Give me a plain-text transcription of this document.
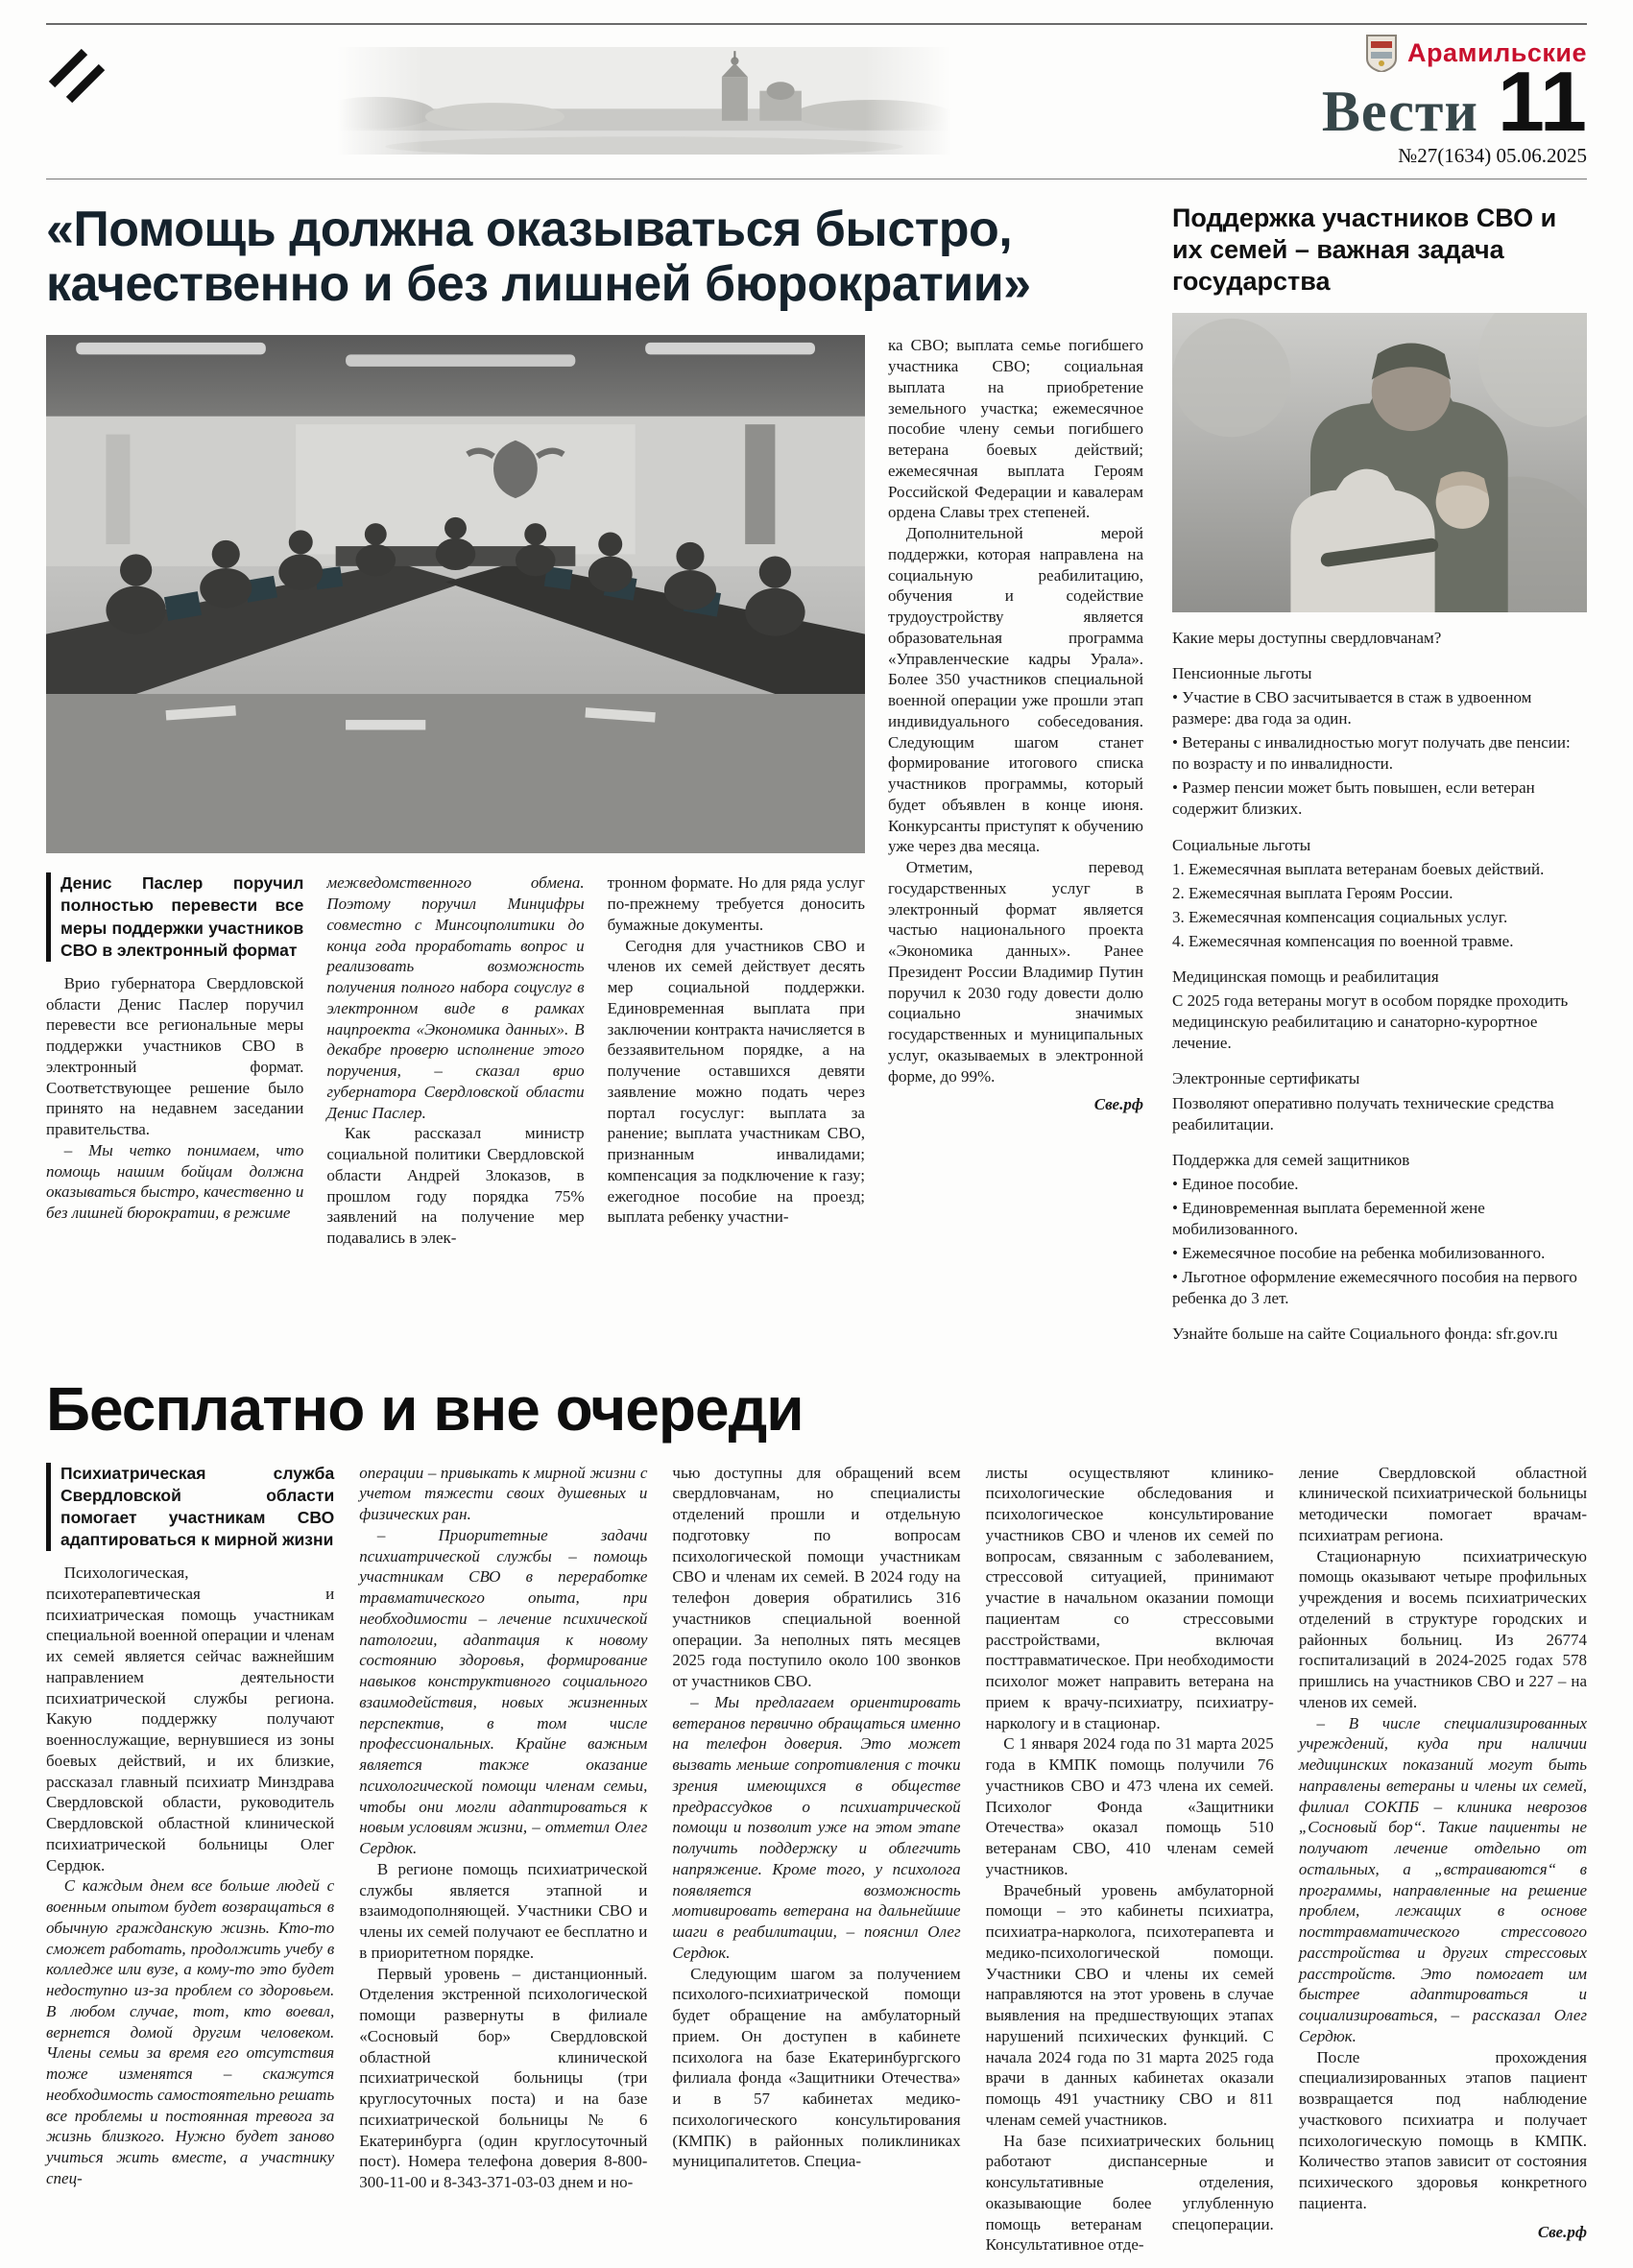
Арамильские
Вести 11
№27(1634) 05.06.2025
«Помощь должна оказываться быстро, качественно и без лишней бюрократии»

Денис Паслер поручил полностью перевести все меры поддержки участников СВО в электронный формат

Врио губернатора Свердловской области Денис Паслер поручил перевести все региональные меры поддержки участников СВО в электронный формат. Соответствующее решение было принято на недавнем заседании правительства.

– Мы четко понимаем, что помощь нашим бойцам должна оказываться быстро, качественно и без лишней бюрократии, в режиме

межведомственного обмена. Поэтому поручил Минцифры совместно с Минсоцполитики до конца года проработать вопрос и реализовать возможность получения полного набора соцуслуг в электронном виде в рамках нацпроекта «Экономика данных». В декабре проверю исполнение этого поручения, – сказал врио губернатора Свердловской области Денис Паслер.

Как рассказал министр социальной политики Свердловской области Андрей Злоказов, в прошлом году порядка 75% заявлений на получение мер подавались в элек-

тронном формате. Но для ряда услуг по-прежнему требуется доносить бумажные документы.

Сегодня для участников СВО и членов их семей действует десять мер социальной поддержки. Единовременная выплата при заключении контракта начисляется в беззаявительном порядке, а на получение оставшихся девяти заявление можно подать через портал госуслуг: выплата за ранение; выплата участникам СВО, признанным инвалидами; компенсация за подключение к газу; ежегодное пособие на проезд; выплата ребенку участни-

ка СВО; выплата семье погибшего участника СВО; социальная выплата на приобретение земельного участка; ежемесячное пособие члену семьи погибшего ветерана боевых действий; ежемесячная выплата Героям Российской Федерации и кавалерам ордена Славы трех степеней.

Дополнительной мерой поддержки, которая направлена на социальную реабилитацию, обучения и содействие трудоустройству является образовательная программа «Управленческие кадры Урала». Более 350 участников специальной военной операции уже прошли этап индивидуального собеседования. Следующим шагом станет формирование итогового списка участников программы, который будет объявлен в конце июня. Конкурсанты приступят к обучению уже через два месяца.

Отметим, перевод государственных услуг в электронный формат является частью национального проекта «Экономика данных». Ранее Президент России Владимир Путин поручил к 2030 году довести долю социально значимых государственных и муниципальных услуг, оказываемых в электронной форме, до 99%.

Све.рф

Поддержка участников СВО и их семей – важная задача государства

Какие меры доступны свердловчанам?

Пенсионные льготы

• Участие в СВО засчитывается в стаж в удвоенном размере: два года за один.

• Ветераны с инвалидностью могут получать две пенсии: по возрасту и по инвалидности.

• Размер пенсии может быть повышен, если ветеран содержит близких.

Социальные льготы

1. Ежемесячная выплата ветеранам боевых действий.

2. Ежемесячная выплата Героям России.

3. Ежемесячная компенсация социальных услуг.

4. Ежемесячная компенсация по военной травме.

Медицинская помощь и реабилитация

С 2025 года ветераны могут в особом порядке проходить медицинскую реабилитацию и санаторно-курортное лечение.

Электронные сертификаты

Позволяют оперативно получать технические средства реабилитации.

Поддержка для семей защитников

• Единое пособие.

• Единовременная выплата беременной жене мобилизованного.

• Ежемесячное пособие на ребенка мобилизованного.

• Льготное оформление ежемесячного пособия на первого ребенка до 3 лет.

Узнайте больше на сайте Социального фонда: sfr.gov.ru

Бесплатно и вне очереди

Психиатрическая служба Свердловской области помогает участникам СВО адаптироваться к мирной жизни

Психологическая, психотерапевтическая и психиатрическая помощь участникам специальной военной операции и членам их семей является сейчас важнейшим направлением деятельности психиатрической службы региона. Какую поддержку получают военнослужащие, вернувшиеся из зоны боевых действий, и их близкие, рассказал главный психиатр Минздрава Свердловской области, руководитель Свердловской областной клинической психиатрической больницы Олег Сердюк.

С каждым днем все больше людей с военным опытом будет возвращаться в обычную гражданскую жизнь. Кто-то сможет работать, продолжить учебу в колледже или вузе, а кому-то это будет недоступно из-за проблем со здоровьем. В любом случае, тот, кто воевал, вернется домой другим человеком. Члены семьи за время его отсутствия тоже изменятся – скажутся необходимость самостоятельно решать все проблемы и постоянная тревога за жизнь близкого. Нужно будет заново учиться жить вместе, а участнику спец-

операции – привыкать к мирной жизни с учетом тяжести своих душевных и физических ран.

– Приоритетные задачи психиатрической службы – помощь участникам СВО в переработке травматического опыта, при необходимости – лечение психической патологии, адаптация к новому состоянию здоровья, формирование навыков конструктивного социального взаимодействия, новых жизненных перспектив, в том числе профессиональных. Крайне важным является также оказание психологической помощи членам семьи, чтобы они могли адаптироваться к новым условиям жизни, – отметил Олег Сердюк.

В регионе помощь психиатрической службы является этапной и взаимодополняющей. Участники СВО и члены их семей получают ее бесплатно и в приоритетном порядке.

Первый уровень – дистанционный. Отделения экстренной психологической помощи развернуты в филиале «Сосновый бор» Свердловской областной клинической психиатрической больницы (три круглосуточных поста) и на базе психиатрической больницы № 6 Екатеринбурга (один круглосуточный пост). Номера телефона доверия 8-800-300-11-00 и 8-343-371-03-03 днем и но-

чью доступны для обращений всем свердловчанам, но специалисты отделений прошли и отдельную подготовку по вопросам психологической помощи участникам СВО и членам их семей. В 2024 году на телефон доверия обратились 316 участников специальной военной операции. За неполных пять месяцев 2025 года поступило около 100 звонков от участников СВО.

– Мы предлагаем ориентировать ветеранов первично обращаться именно на телефон доверия. Это может вызвать меньше сопротивления с точки зрения имеющихся в обществе предрассудков о психиатрической помощи и позволит уже на этом этапе получить поддержку и облегчить напряжение. Кроме того, у психолога появляется возможность мотивировать ветерана на дальнейшие шаги в реабилитации, – пояснил Олег Сердюк.

Следующим шагом за получением психолого-психиатрической помощи будет обращение на амбулаторный прием. Он доступен в кабинете психолога на базе Екатеринбургского филиала фонда «Защитники Отечества» и в 57 кабинетах медико-психологического консультирования (КМПК) в районных поликлиниках муниципалитетов. Специа-

листы осуществляют клинико-психологические обследования и психологическое консультирование участников СВО и членов их семей по вопросам, связанным с заболеванием, стрессовой ситуацией, принимают участие в начальном оказании помощи пациентам со стрессовыми расстройствами, включая посттравматическое. При необходимости психолог может направить ветерана на прием к врачу-психиатру, психиатру-наркологу и в стационар.

С 1 января 2024 года по 31 марта 2025 года в КМПК помощь получили 76 участников СВО и 473 члена их семей. Психолог Фонда «Защитники Отечества» оказал помощь 510 ветеранам СВО, 410 членам семей участников.

Врачебный уровень амбулаторной помощи – это кабинеты психиатра, психиатра-нарколога, психотерапевта и медико-психологической помощи. Участники СВО и члены их семей направляются на этот уровень в случае выявления на предшествующих этапах нарушений психических функций. С начала 2024 года по 31 марта 2025 года врачи в данных кабинетах оказали помощь 491 участнику СВО и 811 членам семей участников.

На базе психиатрических больниц работают диспансерные и консультативные отделения, оказывающие более углубленную помощь ветеранам спецоперации. Консультативное отде-

ление Свердловской областной клинической психиатрической больницы методически помогает врачам-психиатрам региона.

Стационарную психиатрическую помощь оказывают четыре профильных учреждения и восемь психиатрических отделений в структуре городских и районных больниц. Из 26774 госпитализаций в 2024-2025 годах 578 пришлись на участников СВО и 227 – на членов их семей.

– В числе специализированных учреждений, куда при наличии медицинских показаний могут быть направлены ветераны и члены их семей, филиал СОКПБ – клиника неврозов „Сосновый бор“. Такие пациенты не получают лечение отдельно от остальных, а „встраиваются“ в программы, направленные на решение проблем, лежащих в основе посттравматического стрессового расстройства и других стрессовых расстройств. Это помогает им быстрее адаптироваться и социализироваться, – рассказал Олег Сердюк.

После прохождения специализированных этапов пациент возвращается под наблюдение участкового психиатра и получает психологическую помощь в КМПК. Количество этапов зависит от состояния психического здоровья конкретного пациента.

Све.рф
